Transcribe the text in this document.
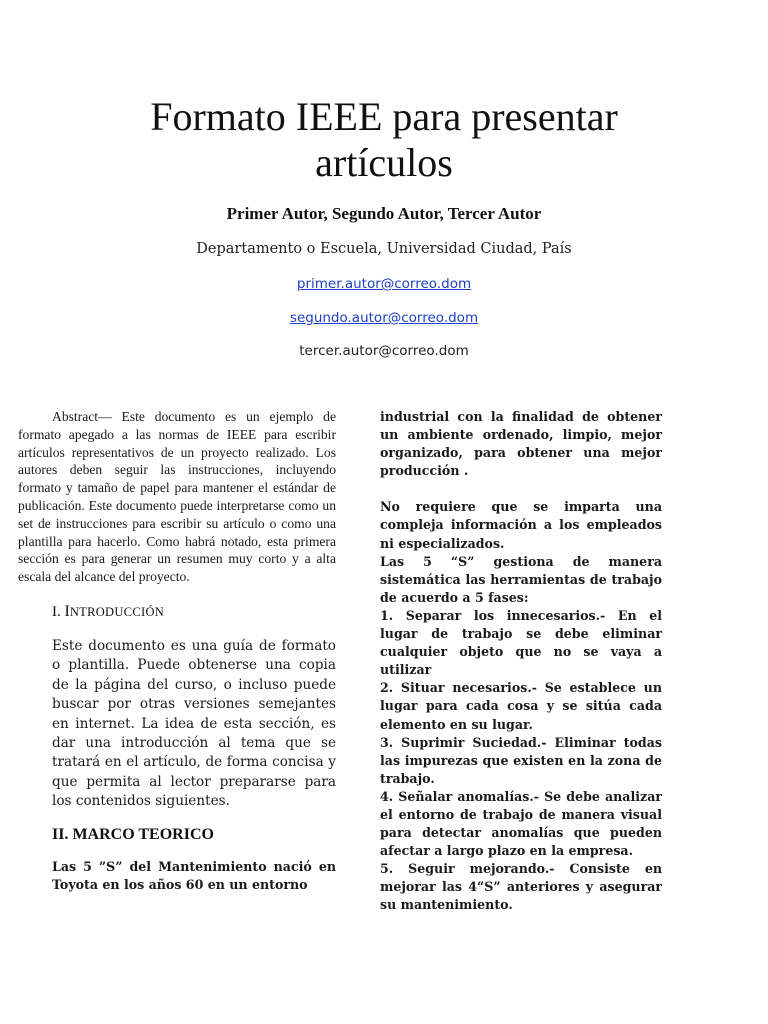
Formato IEEE para presentar artículos
Primer Autor, Segundo Autor, Tercer Autor
Departamento o Escuela, Universidad Ciudad, País
primer.autor@correo.dom
segundo.autor@correo.dom
tercer.autor@correo.dom

Abstract— Este documento es un ejemplo de formato apegado a las normas de IEEE para escribir artículos representativos de un proyecto realizado. Los autores deben seguir las instrucciones, incluyendo formato y tamaño de papel para mantener el estándar de publicación. Este documento puede interpretarse como un set de instrucciones para escribir su artículo o como una plantilla para hacerlo. Como habrá notado, esta primera sección es para generar un resumen muy corto y a alta escala del alcance del proyecto.

I. INTRODUCCIÓN

Este documento es una guía de formato o plantilla. Puede obtenerse una copia de la página del curso, o incluso puede buscar por otras versiones semejantes en internet. La idea de esta sección, es dar una introducción al tema que se tratará en el artículo, de forma concisa y que permita al lector prepararse para los contenidos siguientes.

II. MARCO TEORICO

Las 5 ”S” del Mantenimiento nació en Toyota en los años 60 en un entorno

industrial con la finalidad de obtener un ambiente ordenado, limpio, mejor organizado, para obtener una mejor producción .

No requiere que se imparta una compleja información a los empleados ni especializados.

Las 5 “S” gestiona de manera sistemática las herramientas de trabajo de acuerdo a 5 fases:

1. Separar los innecesarios.- En el lugar de trabajo se debe eliminar cualquier objeto que no se vaya a utilizar

2. Situar necesarios.- Se establece un lugar para cada cosa y se sitúa cada elemento en su lugar.

3. Suprimir Suciedad.- Eliminar todas las impurezas que existen en la zona de trabajo.

4. Señalar anomalías.- Se debe analizar el entorno de trabajo de manera visual para detectar anomalías que pueden afectar a largo plazo en la empresa.

5. Seguir mejorando.- Consiste en mejorar las 4“S” anteriores y asegurar su mantenimiento.
